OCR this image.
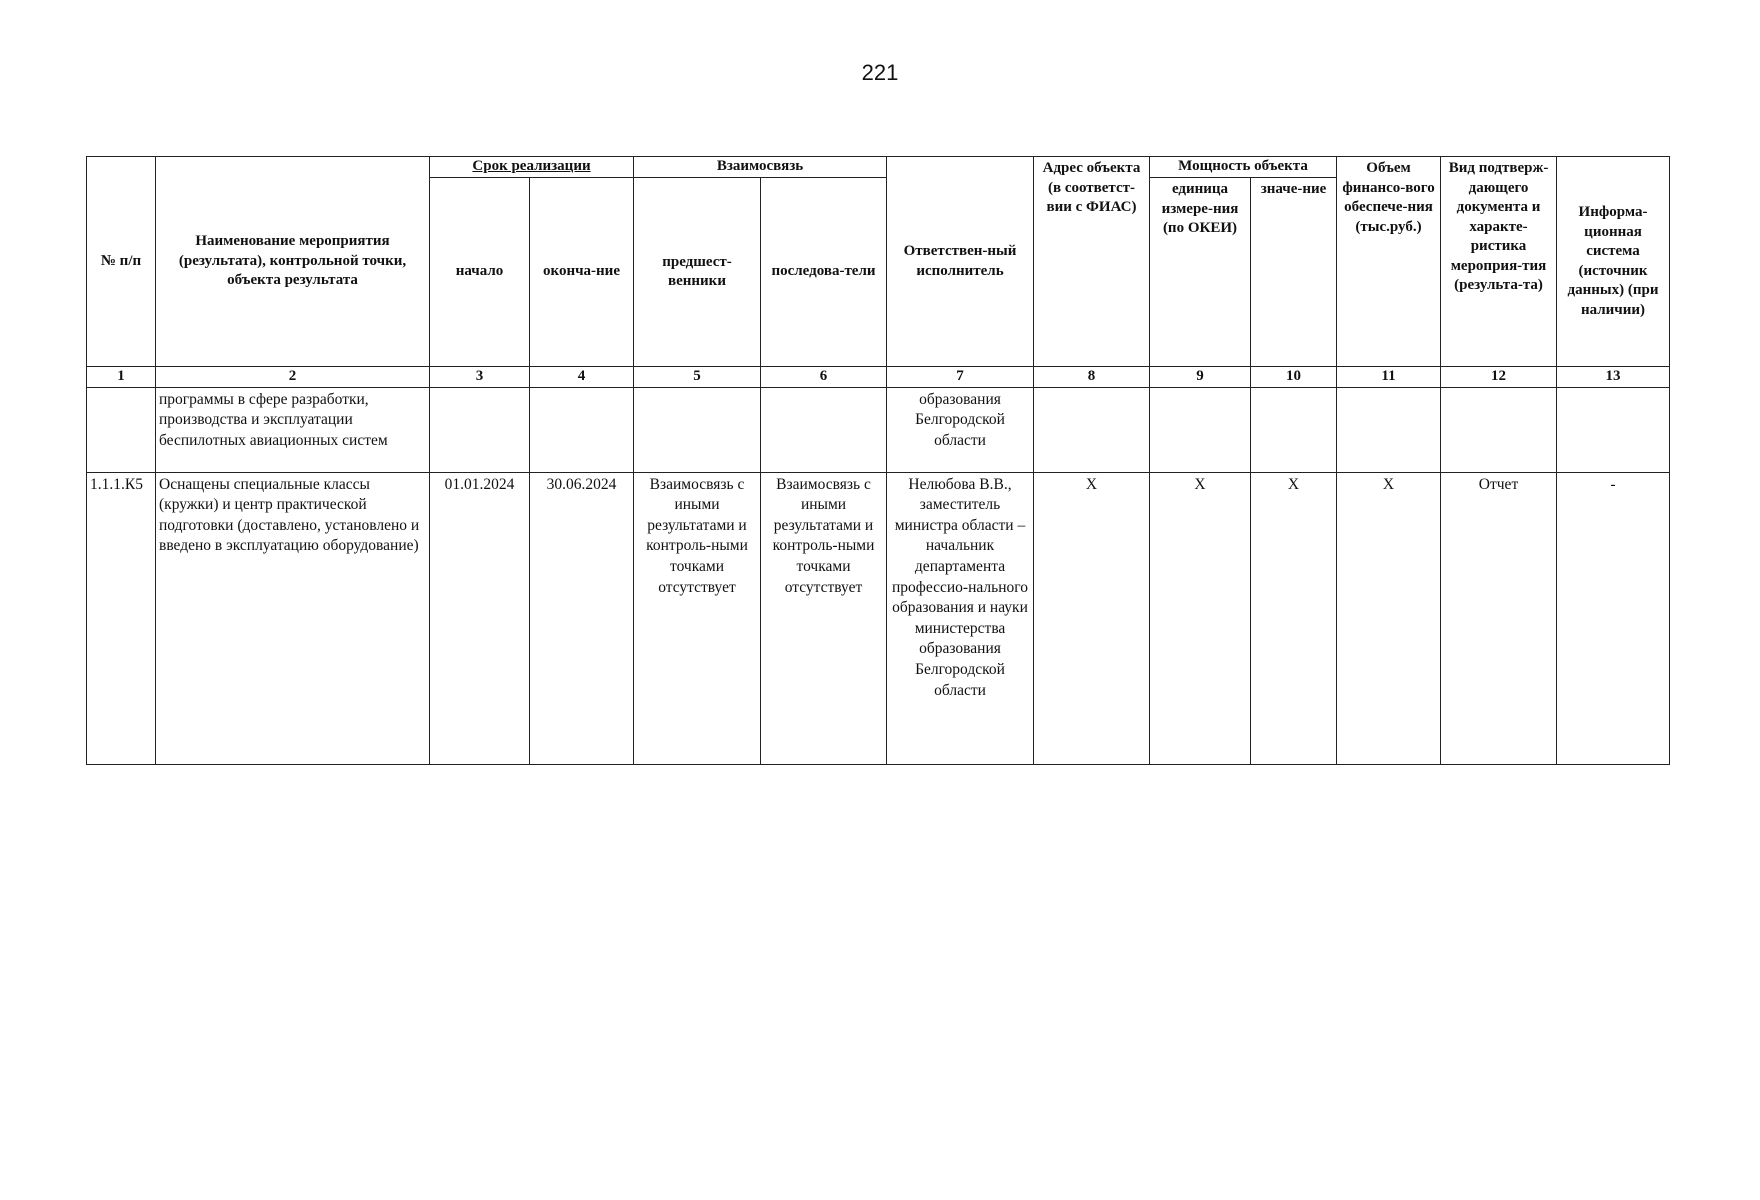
221
№ п/п	Наименование мероприятия (результата), контрольной точки, объекта результата	Срок реализации		Взаимосвязь		Ответствен-ный исполнитель	Адрес объекта (в соответст-вии с ФИАС)	Мощность объекта		Объем финансо-вого обеспече-ния (тыс.руб.)	Вид подтверж-дающего документа и характе-ристика мероприя-тия (результа-та)	Информа-ционная система (источник данных) (при наличии)
		начало	оконча-ние	предшест-венники	последова-тели			единица измере-ния (по ОКЕИ)	значе-ние			
1	2	3	4	5	6	7	8	9	10	11	12	13
	программы в сфере разработки, производства и эксплуатации беспилотных авиационных систем					образования Белгородской области						
1.1.1.К5	Оснащены специальные классы (кружки) и центр практической подготовки (доставлено, установлено и введено в эксплуатацию оборудование)	01.01.2024	30.06.2024	Взаимосвязь с иными результатами и контроль-ными точками отсутствует	Взаимосвязь с иными результатами и контроль-ными точками отсутствует	Нелюбова В.В., заместитель министра области – начальник департамента профессио-нального образования и науки министерства образования Белгородской области	X	X	X	X	Отчет	-
